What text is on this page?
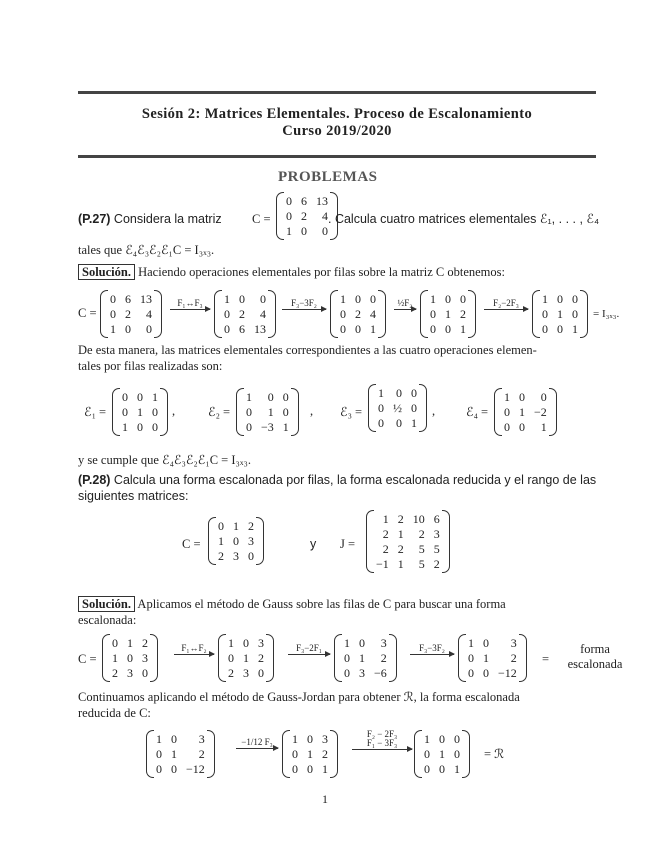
Sesión 2: Matrices Elementales. Proceso de Escalonamiento
Curso 2019/2020
PROBLEMAS
(P.27) Considera la matriz C =
0 6 13
0 2	4
1 0	0
. Calcula cuatro matrices elementales ℰ₁, . . . , ℰ₄
tales que ℰ₄ℰ₃ℰ₂ℰ₁C = I₃ₓ₃.
Solución. Haciendo operaciones elementales por filas sobre la matriz C obtenemos:
C =
0 6 13
0 2	4
1 0	0
F₁↔F₃	1 0	0
0 2	4
0 6 13
F₃−3F₂	1 0 0
0 2 4
0 0 1
½F₂ 1 0 0
0 1 2
0 0 1
F₂−2F₃	1 0 0
0 1 0
0 0 1
= I₃ₓ₃.
De esta manera, las matrices elementales correspondientes a las cuatro operaciones elemen-
tales por filas realizadas son:
ℰ₁ =
0 0 1
0 1 0
1 0 0
,	ℰ₂ =
1	0 0
0	1 0
0 −3 1
, ℰ₃ =
1 0 0
0 ½ 0
0 0 1
, ℰ₄ =
1 0	0
0 1 −2
0 0	1
y se cumple que ℰ₄ℰ₃ℰ₂ℰ₁C = I₃ₓ₃.
(P.28) Calcula una forma escalonada por filas, la forma escalonada reducida y el rango de las
siguientes matrices:
C =
0 1 2
1 0 3
2 3 0
y J =
1 2 10 6
2 1	2 3
2 2	5 5
−1 1	5 2
Solución. Aplicamos el método de Gauss sobre las filas de C para buscar una forma
escalonada:
C =
0 1 2
1 0 3
2 3 0
F₁↔F₂	1 0 3
0 1 2
2 3 0
F₃−2F₁	1 0	3
0 1	2
0 3 −6
F₃−3F₂	1 0	3
0 1	2
0 0 −12
=
forma
escalonada
Continuamos aplicando el método de Gauss-Jordan para obtener ℛ, la forma escalonada
reducida de C:
1 0	3
0 1	2
0 0 −12
−1/12 F₃	1 0 3
0 1 2
0 0 1
F₂ − 2F₃
F₁ − 3F₃	1 0 0
0 1 0
0 0 1
= ℛ
1
